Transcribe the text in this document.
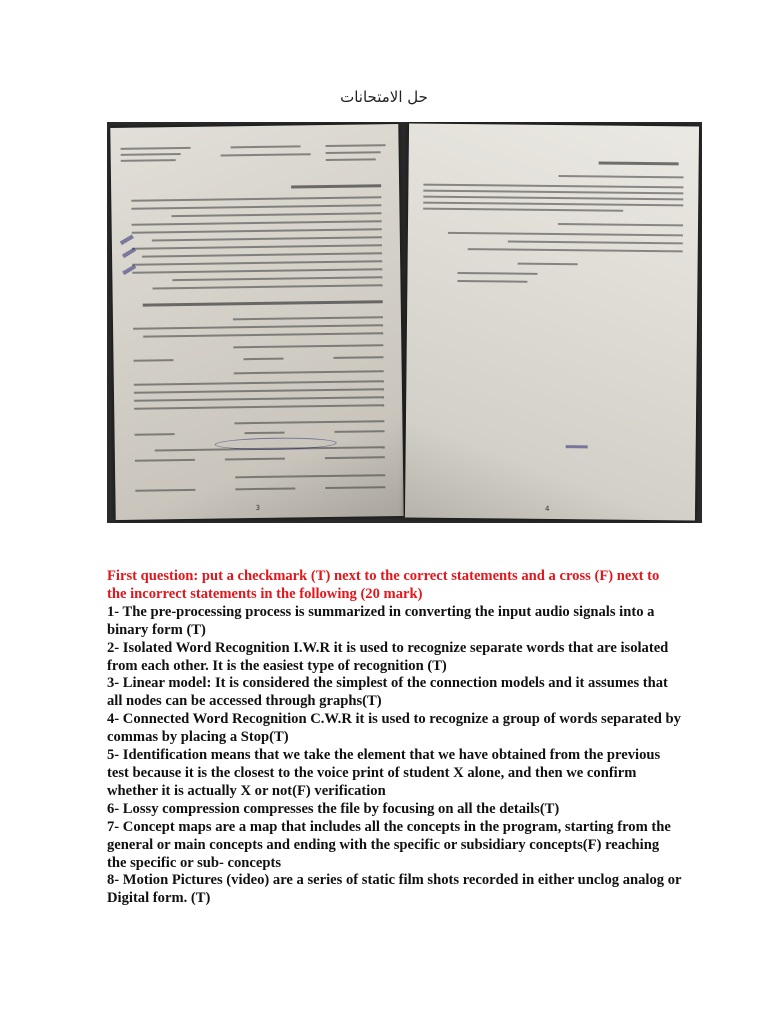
حل الامتحانات
3	4

First question: put a checkmark (T) next to the correct statements and a cross (F) next to the incorrect statements in the following (20 mark)

1- The pre-processing process is summarized in converting the input audio signals into a binary form (T)

2- Isolated Word Recognition I.W.R it is used to recognize separate words that are isolated from each other. It is the easiest type of recognition (T)

3- Linear model: It is considered the simplest of the connection models and it assumes that all nodes can be accessed through graphs(T)

4- Connected Word Recognition C.W.R it is used to recognize a group of words separated by commas by placing a Stop(T)

5- Identification means that we take the element that we have obtained from the previous test because it is the closest to the voice print of student X alone, and then we confirm whether it is actually X or not(F) verification

6- Lossy compression compresses the file by focusing on all the details(T)

7- Concept maps are a map that includes all the concepts in the program, starting from the general or main concepts and ending with the specific or subsidiary concepts(F) reaching the specific or sub- concepts

8- Motion Pictures (video) are a series of static film shots recorded in either unclog analog or Digital form. (T)
